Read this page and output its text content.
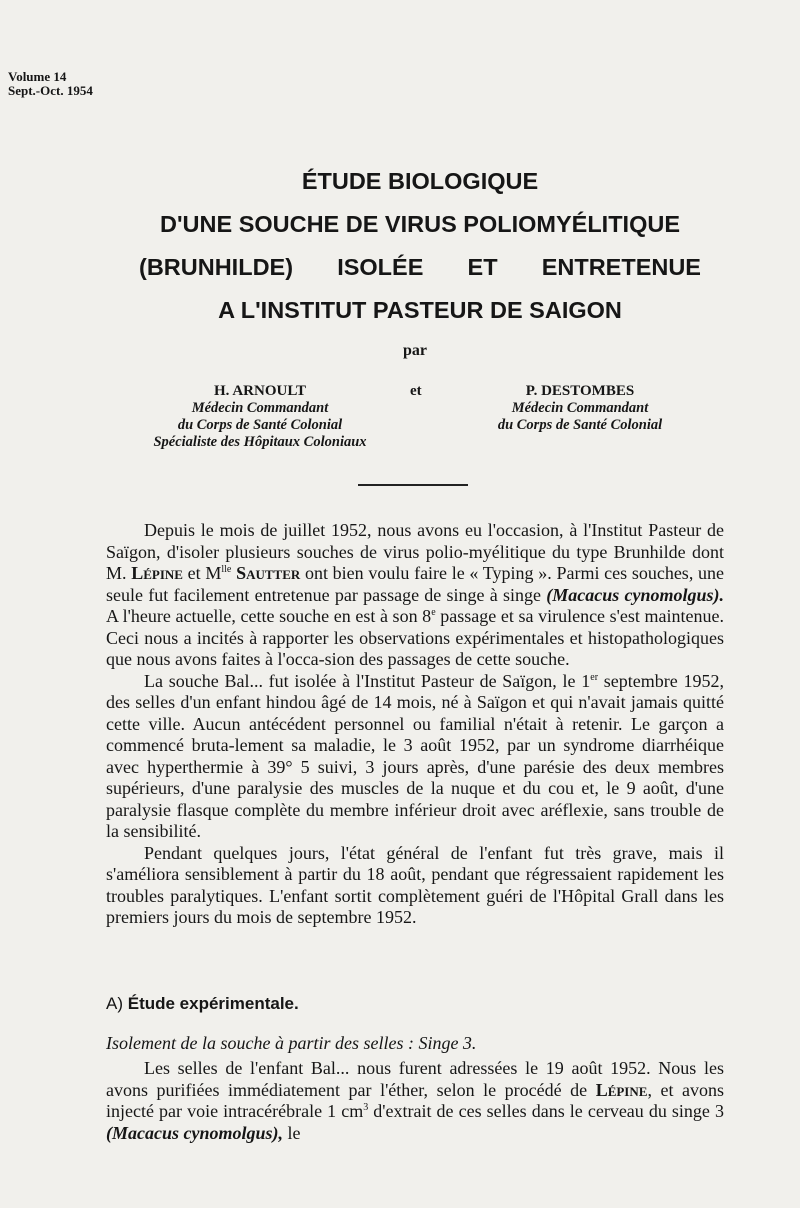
Volume 14
Sept.-Oct. 1954
ÉTUDE BIOLOGIQUE
D'UNE SOUCHE DE VIRUS POLIOMYÉLITIQUE
(BRUNHILDE) ISOLÉE ET ENTRETENUE
A L'INSTITUT PASTEUR DE SAIGON
par
H. ARNOULT
Médecin Commandant
du Corps de Santé Colonial
Spécialiste des Hôpitaux Coloniaux
et	P. DESTOMBES
Médecin Commandant
du Corps de Santé Colonial

Depuis le mois de juillet 1952, nous avons eu l'occasion, à l'Institut Pasteur de Saïgon, d'isoler plusieurs souches de virus polio-myélitique du type Brunhilde dont M. Lépine et $M^{lle}$ Sautter ont bien voulu faire le « Typing ». Parmi ces souches, une seule fut facilement entretenue par passage de singe à singe (Macacus cynomolgus). A l'heure actuelle, cette souche en est à son 8e passage et sa virulence s'est maintenue. Ceci nous a incités à rapporter les observations expérimentales et histopathologiques que nous avons faites à l'occa-sion des passages de cette souche.

La souche Bal... fut isolée à l'Institut Pasteur de Saïgon, le 1er septembre 1952, des selles d'un enfant hindou âgé de 14 mois, né à Saïgon et qui n'avait jamais quitté cette ville. Aucun antécédent personnel ou familial n'était à retenir. Le garçon a commencé bruta-lement sa maladie, le 3 août 1952, par un syndrome diarrhéique avec hyperthermie à 39° 5 suivi, 3 jours après, d'une parésie des deux membres supérieurs, d'une paralysie des muscles de la nuque et du cou et, le 9 août, d'une paralysie flasque complète du membre inférieur droit avec aréflexie, sans trouble de la sensibilité.

Pendant quelques jours, l'état général de l'enfant fut très grave, mais il s'améliora sensiblement à partir du 18 août, pendant que régressaient rapidement les troubles paralytiques. L'enfant sortit complètement guéri de l'Hôpital Grall dans les premiers jours du mois de septembre 1952.

A) Étude expérimentale.
Isolement de la souche à partir des selles : Singe 3.

Les selles de l'enfant Bal... nous furent adressées le 19 août 1952. Nous les avons purifiées immédiatement par l'éther, selon le procédé de Lépine, et avons injecté par voie intracérébrale 1 $cm^3$ d'extrait de ces selles dans le cerveau du singe 3 (Macacus cynomolgus), le
